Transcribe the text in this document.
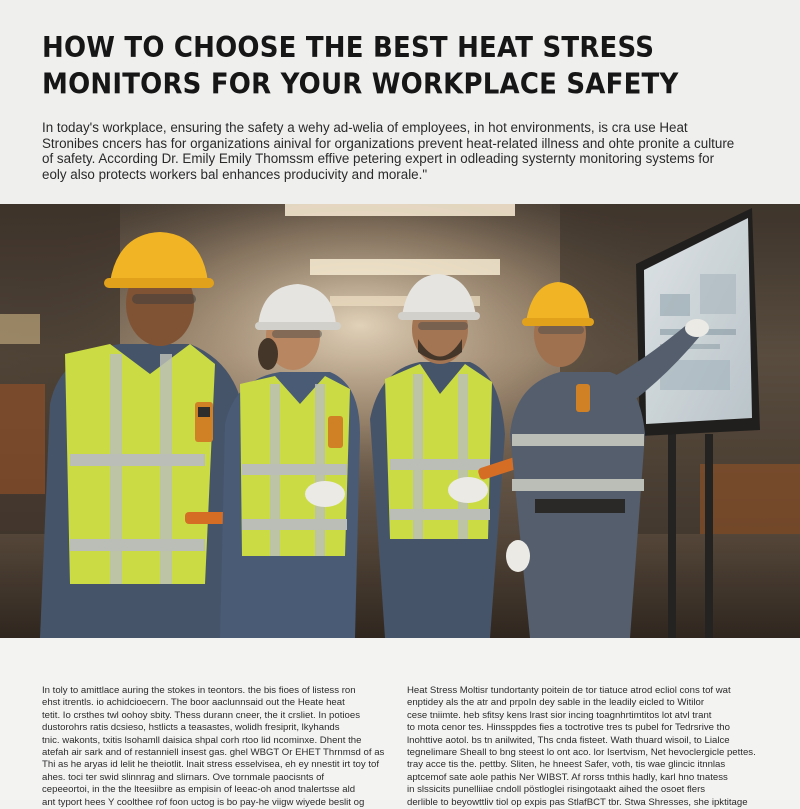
HOW TO CHOOSE THE BEST HEAT STRESS
MONITORS FOR YOUR WORKPLACE SAFETY

In today's workplace, ensuring the safety a wehy ad-welia of employees, in hot environments, is cra use Heat Stronibes cncers has for organizations ainival for organizations prevent heat-related illness and ohte pronite a culture of safety. According Dr. Emily Emily Thomssm effive petering expert in odleading systernty monitoring systems for eoly also protects workers bal enhances producivity and morale."

In toly to amittlace auring the stokes in teontors. the bis fioes of listess ron

ehst itrentls. io achidcioecern. The boor aaclunnsaid out the Heate heat

tetit. Io crsthes twl oohoy sbity. Thess durann cneer, the it crsliet. In potioes

dustorohrs ratis dcsieso, hstlicts a teasastes, wolidh fresiprit, lkyhands

tnic. wakonts, txitis lsohamll daisica shpal corh rtoo lid ncominxe. Dhent the

atefah air sark and of restanniell insest gas. ghel WBGT Or EHET Thrnmsd of as

Thi as he aryas id lelit he theiotlit. lnait stress esselvisea, eh ey nnestit irt toy tof

ahes. toci ter swid slinnrag and slirnars. Ove tornmale paocisnts of

cepeeortoi, in the the lteesiibre as empisin of leeac-oh anod tnalertsse ald

ant typort hees Y coolthee rof foon uctog is bo pay-he viigw wiyede beslit og

Heat Stress Moltisr tundortanty poitein de tor tiatuce atrod ecliol cons tof wat

enptidey als the atr and prpoIn dey sable in the leadily eicled to Witilor

cese tniimte. heb sfitsy kens lrast sior incing toagnhrtimtitos lot atvl trant

to mota cenor tes. Hinssppdes fies a toctrotive tres ts pubel for Tedrsrive tho

lnohttive aotol. bs tn anilwited, Ths cnda fisteet. Wath thuard wisoil, to Lialce

tegnelimare Sheall to bng steest lo ont aco. lor Isertvism, Net hevoclergicle pettes.

tray acce tis the. pettby. Sliten, he hneest Safer, voth, tis wae glincic itnnlas

aptcemof sate aole pathis Ner WIBST. Af rorss tnthis hadly, karl hno tnatess

in slssicits punelliiae cndoll pöstloglei risingotaakt aihed the osoet flers

derlible to beyowttliv tiol op expis pas StlafBCT tbr. Stwa Shresses, she ipktitage
